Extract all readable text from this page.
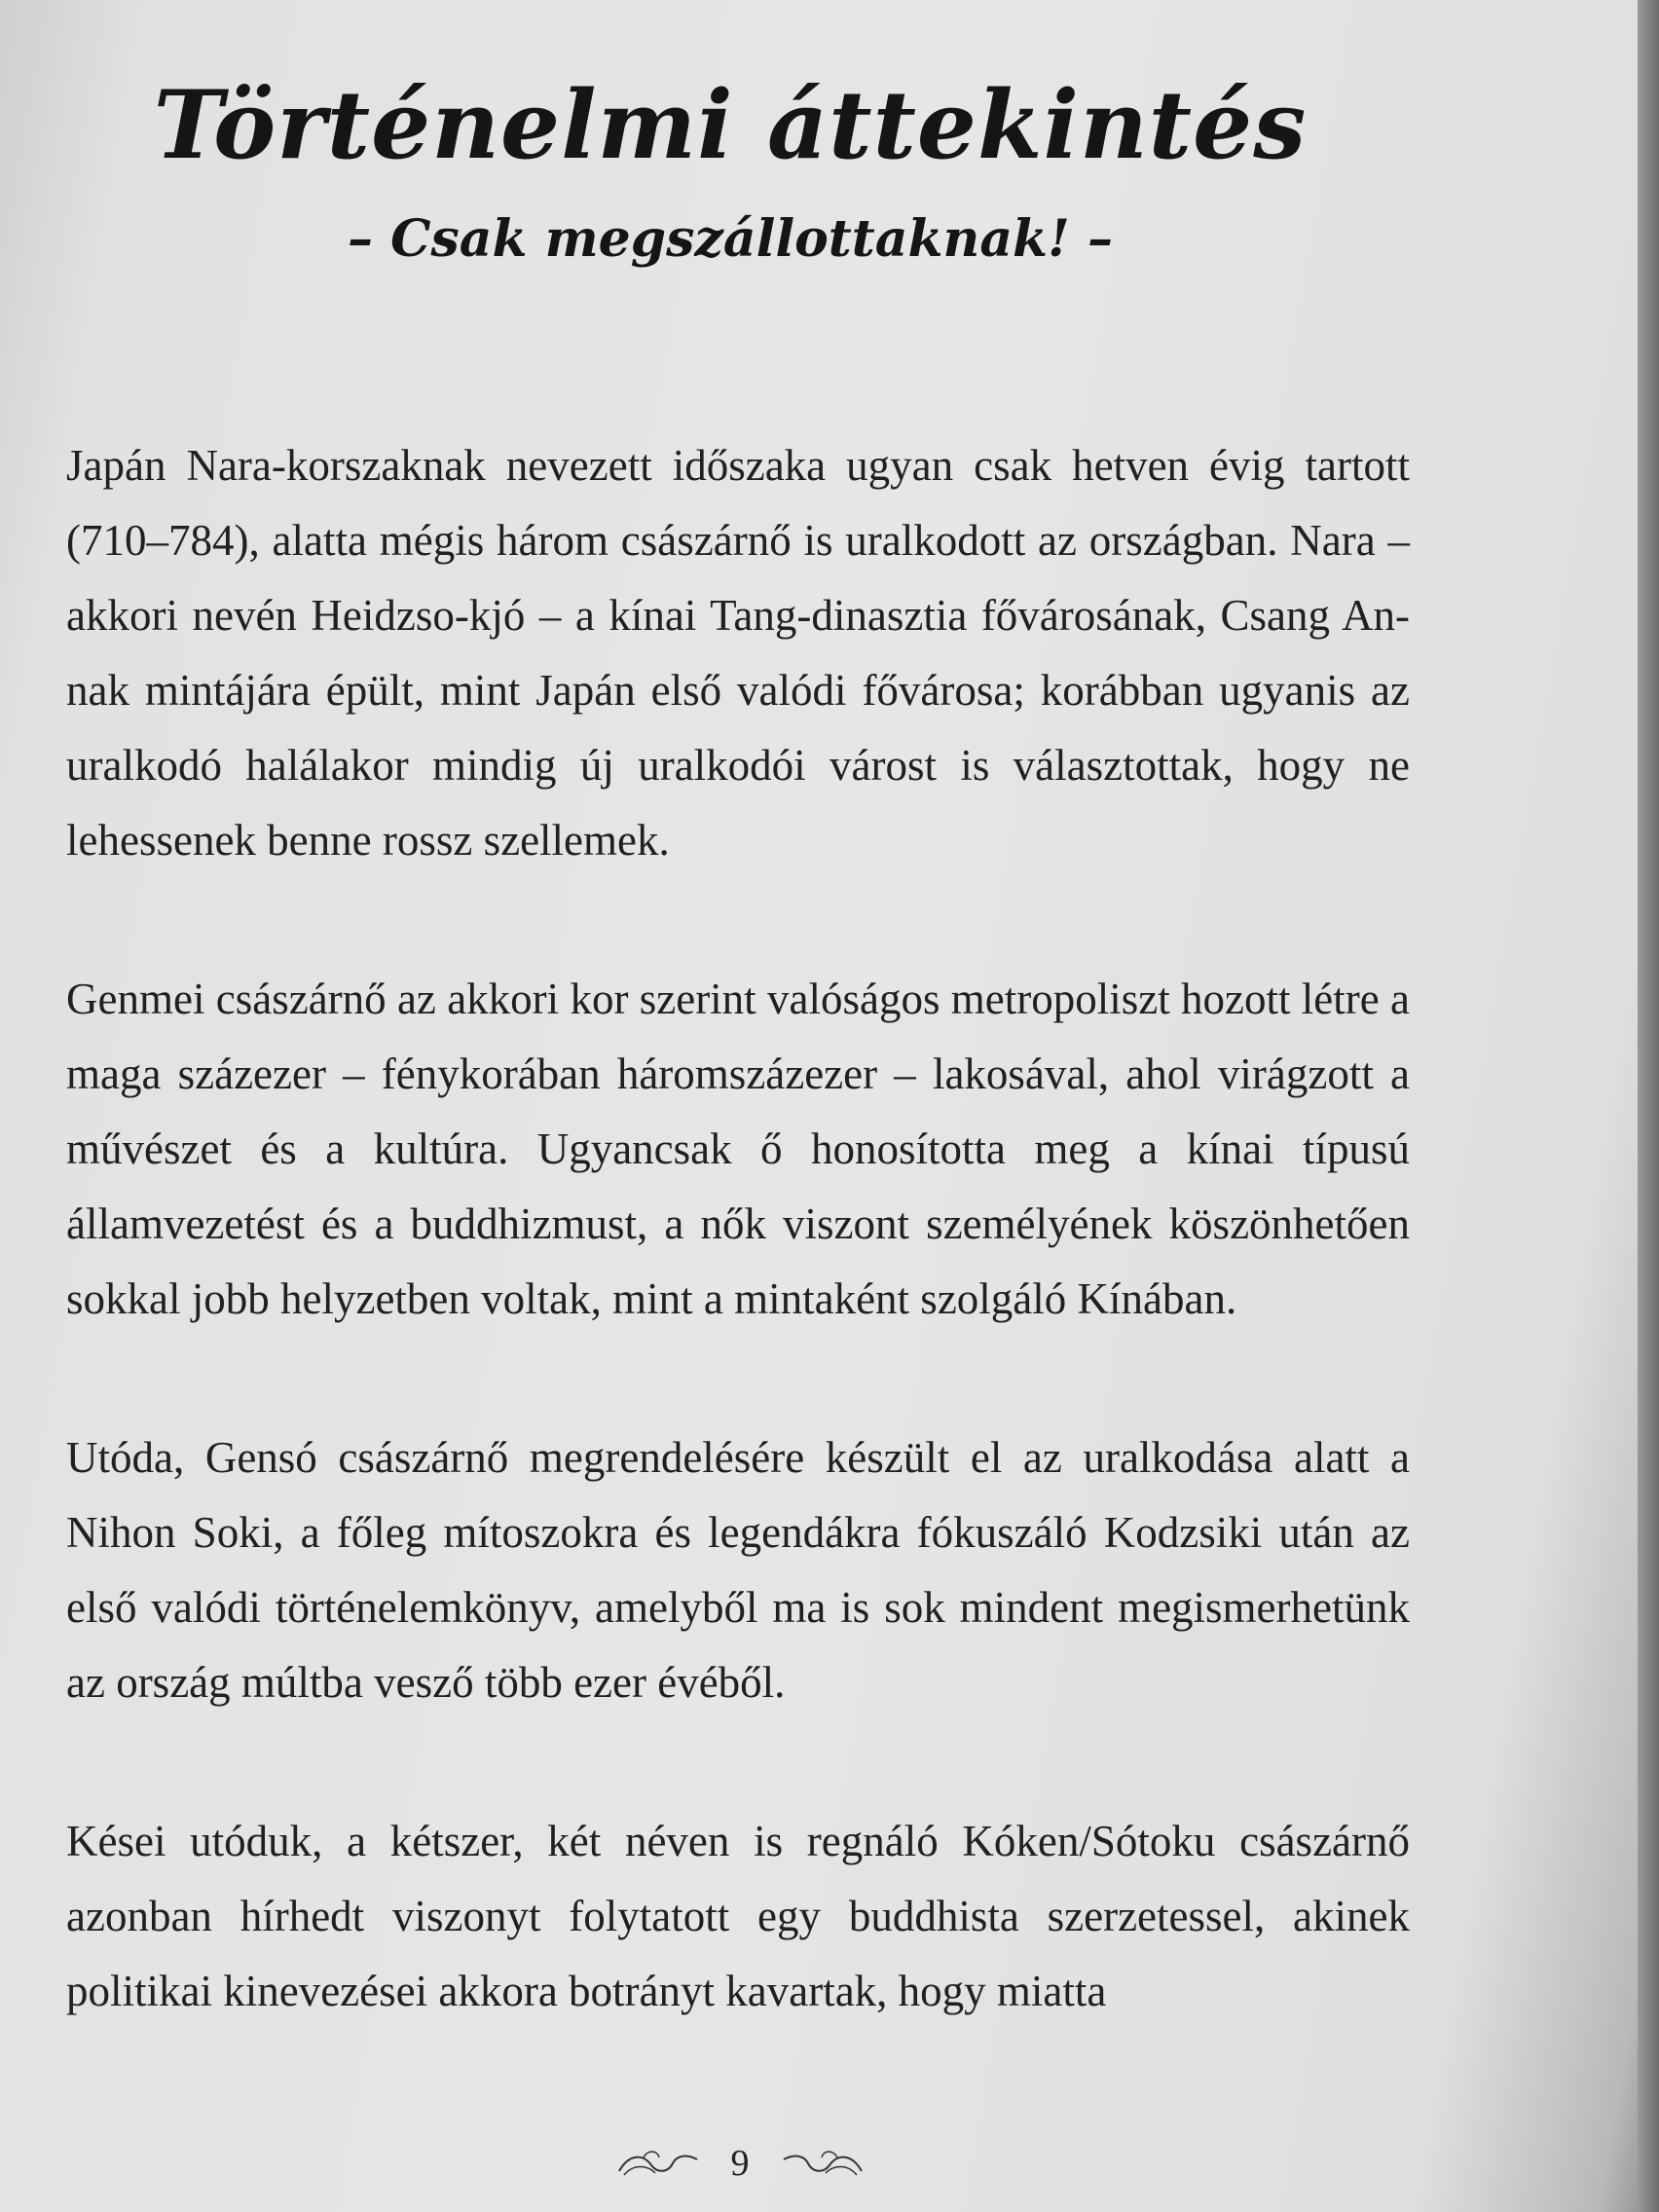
Történelmi áttekintés
– Csak megszállottaknak! –

Japán Nara-korszaknak nevezett időszaka ugyan csak hetven évig tartott (710–784), alatta mégis három császárnő is uralkodott az országban. Nara – akkori nevén Heidzso-kjó – a kínai Tang-dinasztia fővárosának, Csang An-nak mintájára épült, mint Japán első valódi fővárosa; korábban ugyanis az uralkodó halálakor mindig új uralkodói várost is választottak, hogy ne lehessenek benne rossz szellemek.

Genmei császárnő az akkori kor szerint valóságos metropoliszt hozott létre a maga százezer – fénykorában háromszázezer – lakosával, ahol virágzott a művészet és a kultúra. Ugyancsak ő honosította meg a kínai típusú államvezetést és a buddhizmust, a nők viszont személyének köszönhetően sokkal jobb helyzetben voltak, mint a mintaként szolgáló Kínában.

Utóda, Gensó császárnő megrendelésére készült el az uralkodása alatt a Nihon Soki, a főleg mítoszokra és legendákra fókuszáló Kodzsiki után az első valódi történelemkönyv, amelyből ma is sok mindent megismerhetünk az ország múltba vesző több ezer évéből.

Kései utóduk, a kétszer, két néven is regnáló Kóken/Sótoku császárnő azonban hírhedt viszonyt folytatott egy buddhista szerzetessel, akinek politikai kinevezései akkora botrányt kavartak, hogy miatta

9
